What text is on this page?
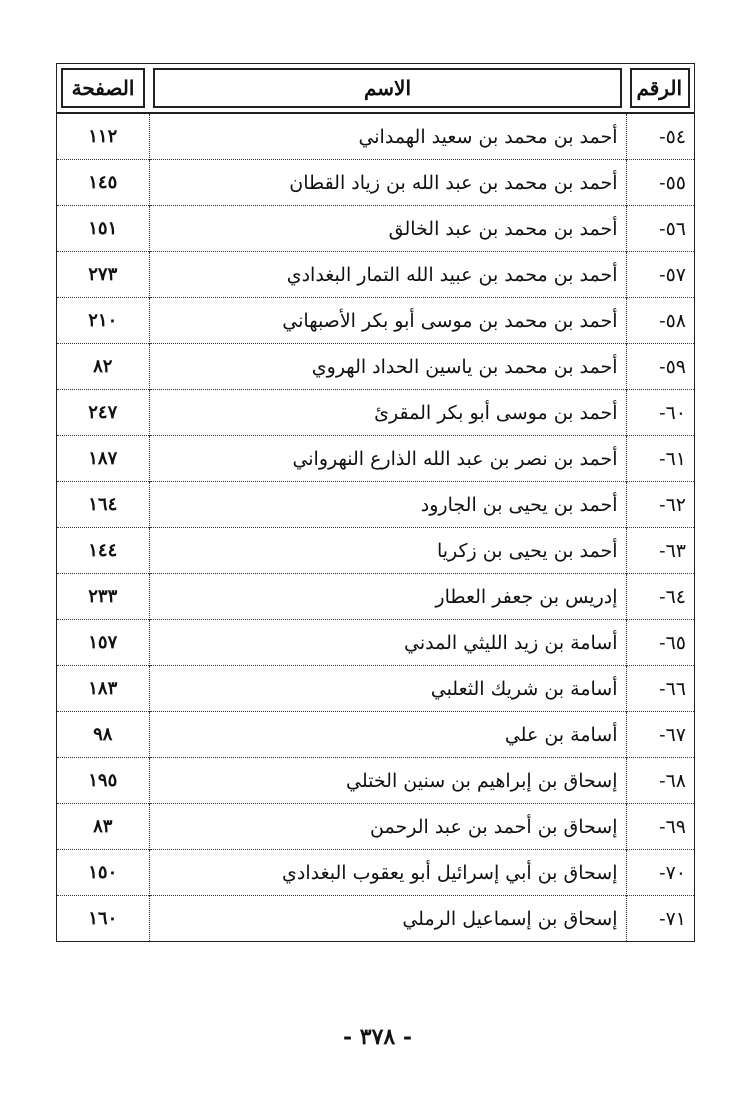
الرقم	الاسم	الصفحة

٥٤-	أحمد بن محمد بن سعيد الهمداني	١١٢
٥٥-	أحمد بن محمد بن عبد الله بن زياد القطان	١٤٥
٥٦-	أحمد بن محمد بن عبد الخالق	١٥١
٥٧-	أحمد بن محمد بن عبيد الله التمار البغدادي	٢٧٣
٥٨-	أحمد بن محمد بن موسى أبو بكر الأصبهاني	٢١٠
٥٩-	أحمد بن محمد بن ياسين الحداد الهروي	٨٢
٦٠-	أحمد بن موسى أبو بكر المقرئ	٢٤٧
٦١-	أحمد بن نصر بن عبد الله الذارع النهرواني	١٨٧
٦٢-	أحمد بن يحيى بن الجارود	١٦٤
٦٣-	أحمد بن يحيى بن زكريا	١٤٤
٦٤-	إدريس بن جعفر العطار	٢٣٣
٦٥-	أسامة بن زيد الليثي المدني	١٥٧
٦٦-	أسامة بن شريك الثعلبي	١٨٣
٦٧-	أسامة بن علي	٩٨
٦٨-	إسحاق بن إبراهيم بن سنين الختلي	١٩٥
٦٩-	إسحاق بن أحمد بن عبد الرحمن	٨٣
٧٠-	إسحاق بن أبي إسرائيل أبو يعقوب البغدادي	١٥٠
٧١-	إسحاق بن إسماعيل الرملي	١٦٠
- ٣٧٨ -
